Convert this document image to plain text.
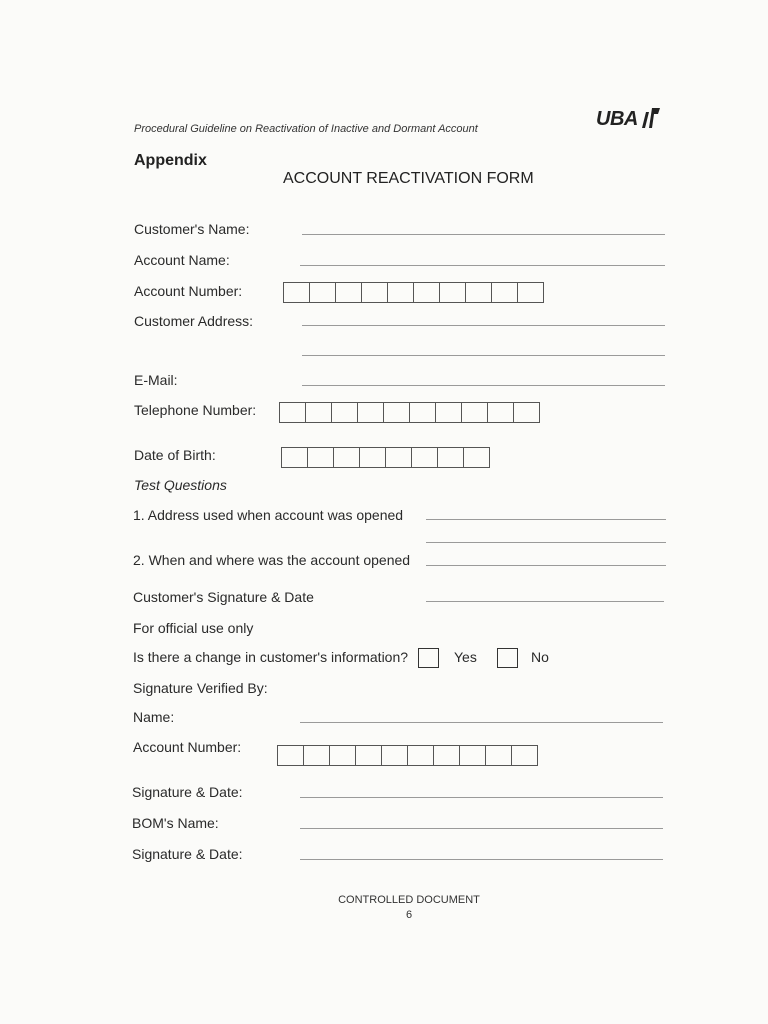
Procedural Guideline on Reactivation of Inactive and Dormant Account	UBA
Appendix
ACCOUNT REACTIVATION FORM
Customer's Name:
Account Name:
Account Number:
Customer Address:
E-Mail:
Telephone Number:
Date of Birth:
Test Questions
1. Address used when account was opened
2. When and where was the account opened
Customer's Signature & Date
For official use only
Is there a change in customer's information?	Yes	No
Signature Verified By:
Name:
Account Number:
Signature & Date:
BOM's Name:
Signature & Date:
CONTROLLED DOCUMENT
6
